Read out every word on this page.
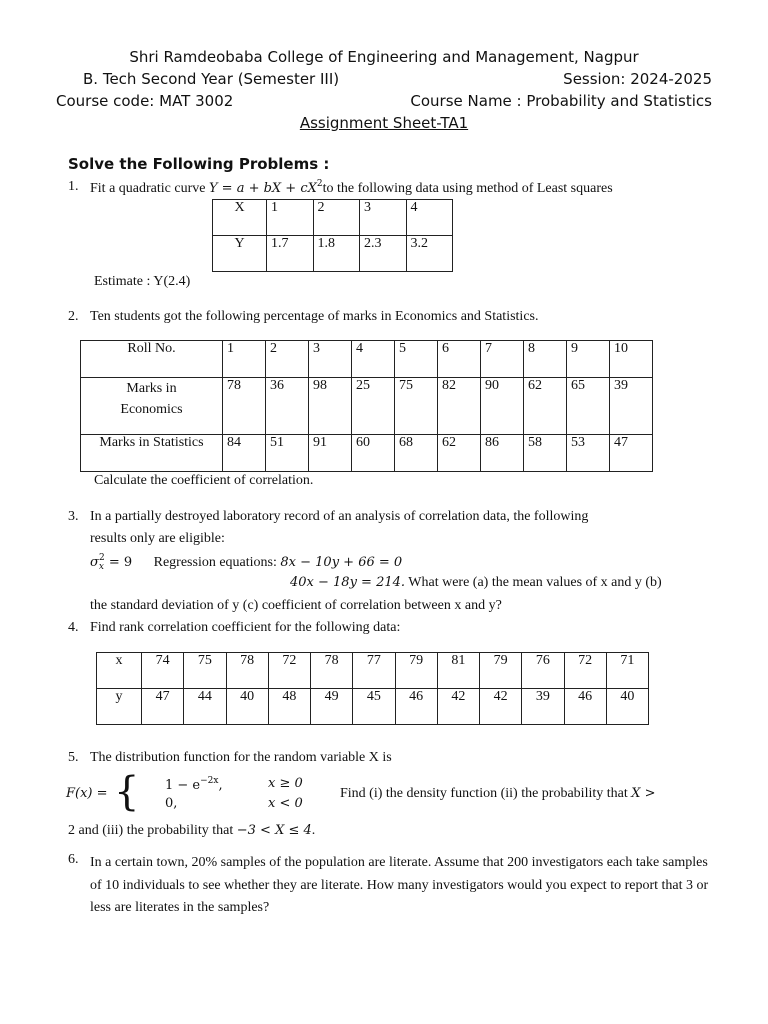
Shri Ramdeobaba College of Engineering and Management, Nagpur
B. Tech Second Year (Semester III)	Session: 2024-2025
Course code: MAT 3002	Course Name : Probability and Statistics
Assignment Sheet-TA1
Solve the Following Problems :
1. Fit a quadratic curve Y = a + bX + $cX^2to$ the following data using method of Least squares
X	1	2	3	4
Y	1.7	1.8	2.3	3.2
Estimate : Y(2.4)
2. Ten students got the following percentage of marks in Economics and Statistics.
Roll No.	1	2	3	4	5	6	7	8	9	10
Marks in Economics	78	36	98	25	75	82	90	62	65	39
Marks in Statistics	84	51	91	60	68	62	86	58	53	47
Calculate the coefficient of correlation.
3. In a partially destroyed laboratory record of an analysis of correlation data, the following
results only are eligible:
$\sigma_x^2 = 9$ Regression equations: 8x − 10y + 66 = 0
40x − 18y = 214. What were (a) the mean values of x and y (b)
the standard deviation of y (c) coefficient of correlation between x and y?
4. Find rank correlation coefficient for the following data:
x	74	75	78	72	78	77	79	81	79	76	72	71
y	47	44	40	48	49	45	46	42	42	39	46	40
5. The distribution function for the random variable X is
F(x) = { $1 - e^{-2x}$,	x ≥ 0
0,	x < 0
Find (i) the density function (ii) the probability that X >
2 and (iii) the probability that −3 < X ≤ 4.
6. In a certain town, 20% samples of the population are literate. Assume that 200 investigators each take samples of 10 individuals to see whether they are literate. How many investigators would you expect to report that 3 or less are literates in the samples?
